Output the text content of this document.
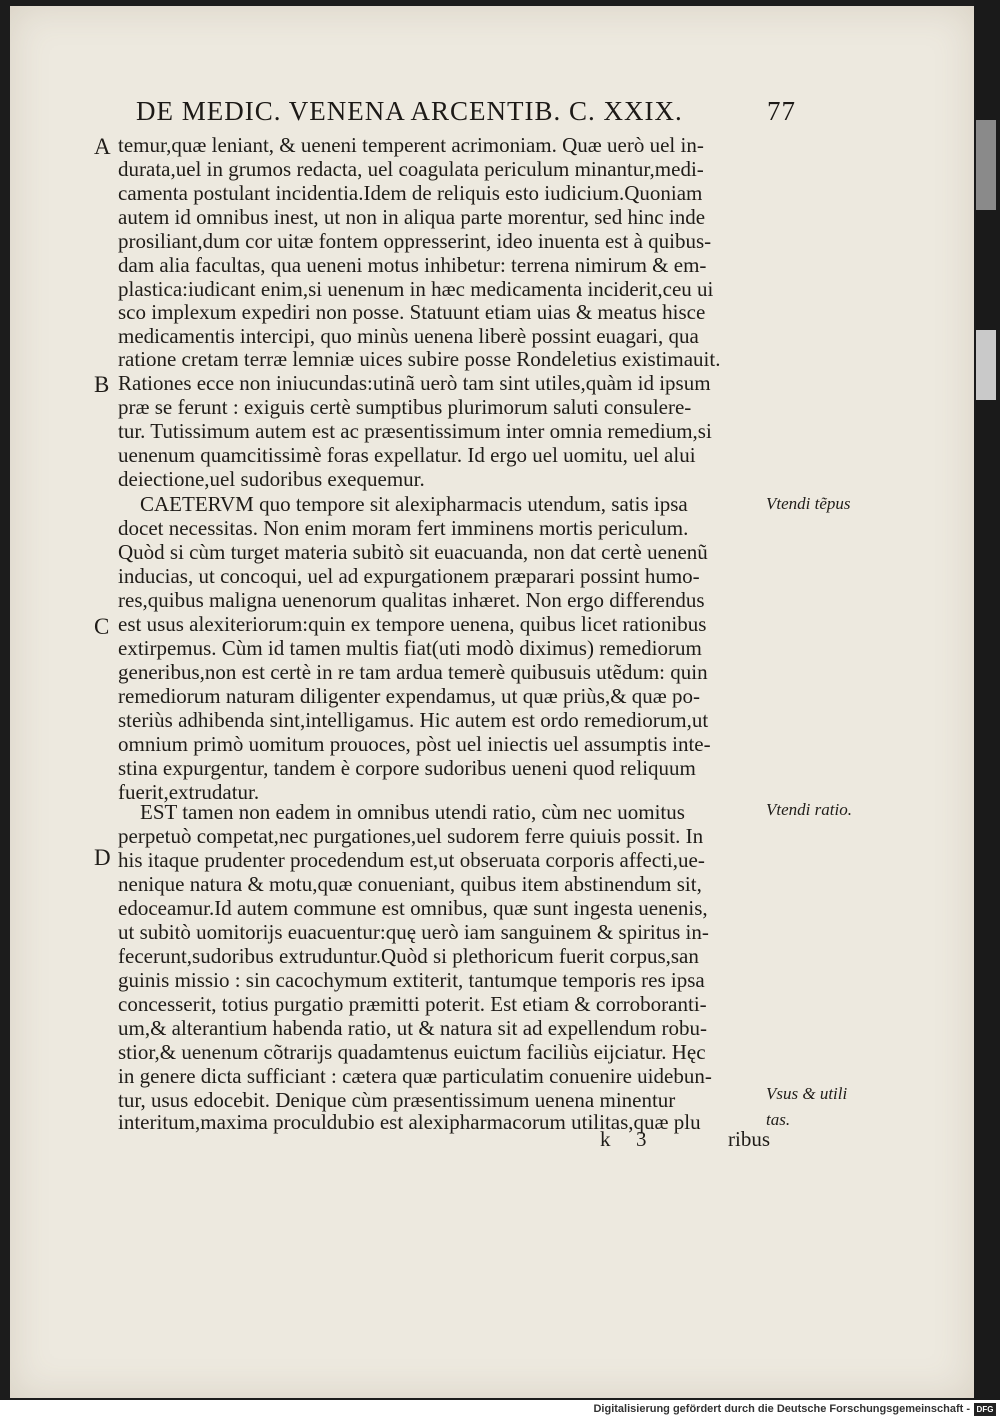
DE MEDIC. VENENA ARCENTIB. C. XXIX.	77
A
B
C
D
temur,quæ leniant, & ueneni temperent acrimoniam. Quæ uerò uel in-
durata,uel in grumos redacta, uel coagulata periculum minantur,medi-
camenta postulant incidentia.Idem de reliquis esto iudicium.Quoniam
autem id omnibus inest, ut non in aliqua parte morentur, sed hinc inde
prosiliant,dum cor uitæ fontem oppresserint, ideo inuenta est à quibus-
dam alia facultas, qua ueneni motus inhibetur: terrena nimirum & em-
plastica:iudicant enim,si uenenum in hæc medicamenta inciderit,ceu ui
sco implexum expediri non posse. Statuunt etiam uias & meatus hisce
medicamentis intercipi, quo minùs uenena liberè possint euagari, qua
ratione cretam terræ lemniæ uices subire posse Rondeletius existimauit.
Rationes ecce non iniucundas:utinã uerò tam sint utiles,quàm id ipsum
præ se ferunt : exiguis certè sumptibus plurimorum saluti consulere-
tur. Tutissimum autem est ac præsentissimum inter omnia remedium,si
uenenum quamcitissimè foras expellatur. Id ergo uel uomitu, uel alui
deiectione,uel sudoribus exequemur.
CAETERVM quo tempore sit alexipharmacis utendum, satis ipsa
docet necessitas. Non enim moram fert imminens mortis periculum.
Quòd si cùm turget materia subitò sit euacuanda, non dat certè uenenũ
inducias, ut concoqui, uel ad expurgationem præparari possint humo-
res,quibus maligna uenenorum qualitas inhæret. Non ergo differendus
est usus alexiteriorum:quin ex tempore uenena, quibus licet rationibus
extirpemus. Cùm id tamen multis fiat(uti modò diximus) remediorum
generibus,non est certè in re tam ardua temerè quibusuis utẽdum: quin
remediorum naturam diligenter expendamus, ut quæ priùs,& quæ po-
steriùs adhibenda sint,intelligamus. Hic autem est ordo remediorum,ut
omnium primò uomitum prouoces, pòst uel iniectis uel assumptis inte-
stina expurgentur, tandem è corpore sudoribus ueneni quod reliquum
fuerit,extrudatur.
EST tamen non eadem in omnibus utendi ratio, cùm nec uomitus
perpetuò competat,nec purgationes,uel sudorem ferre quiuis possit. In
his itaque prudenter procedendum est,ut obseruata corporis affecti,ue-
nenique natura & motu,quæ conueniant, quibus item abstinendum sit,
edoceamur.Id autem commune est omnibus, quæ sunt ingesta uenenis,
ut subitò uomitorijs euacuentur:quę uerò iam sanguinem & spiritus in-
fecerunt,sudoribus extruduntur.Quòd si plethoricum fuerit corpus,san
guinis missio : sin cacochymum extiterit, tantumque temporis res ipsa
concesserit, totius purgatio præmitti poterit. Est etiam & corroboranti-
um,& alterantium habenda ratio, ut & natura sit ad expellendum robu-
stior,& uenenum cõtrarijs quadamtenus euictum faciliùs eijciatur. Hęc
in genere dicta sufficiant : cætera quæ particulatim conuenire uidebun-
tur, usus edocebit. Denique cùm præsentissimum uenena minentur
interitum,maxima proculdubio est alexipharmacorum utilitas,quæ plu
Vtendi tẽpus
Vtendi ratio.
Vsus & utili
tas.
k 3	ribus
Digitalisierung gefördert durch die Deutsche Forschungsgemeinschaft - DFG
